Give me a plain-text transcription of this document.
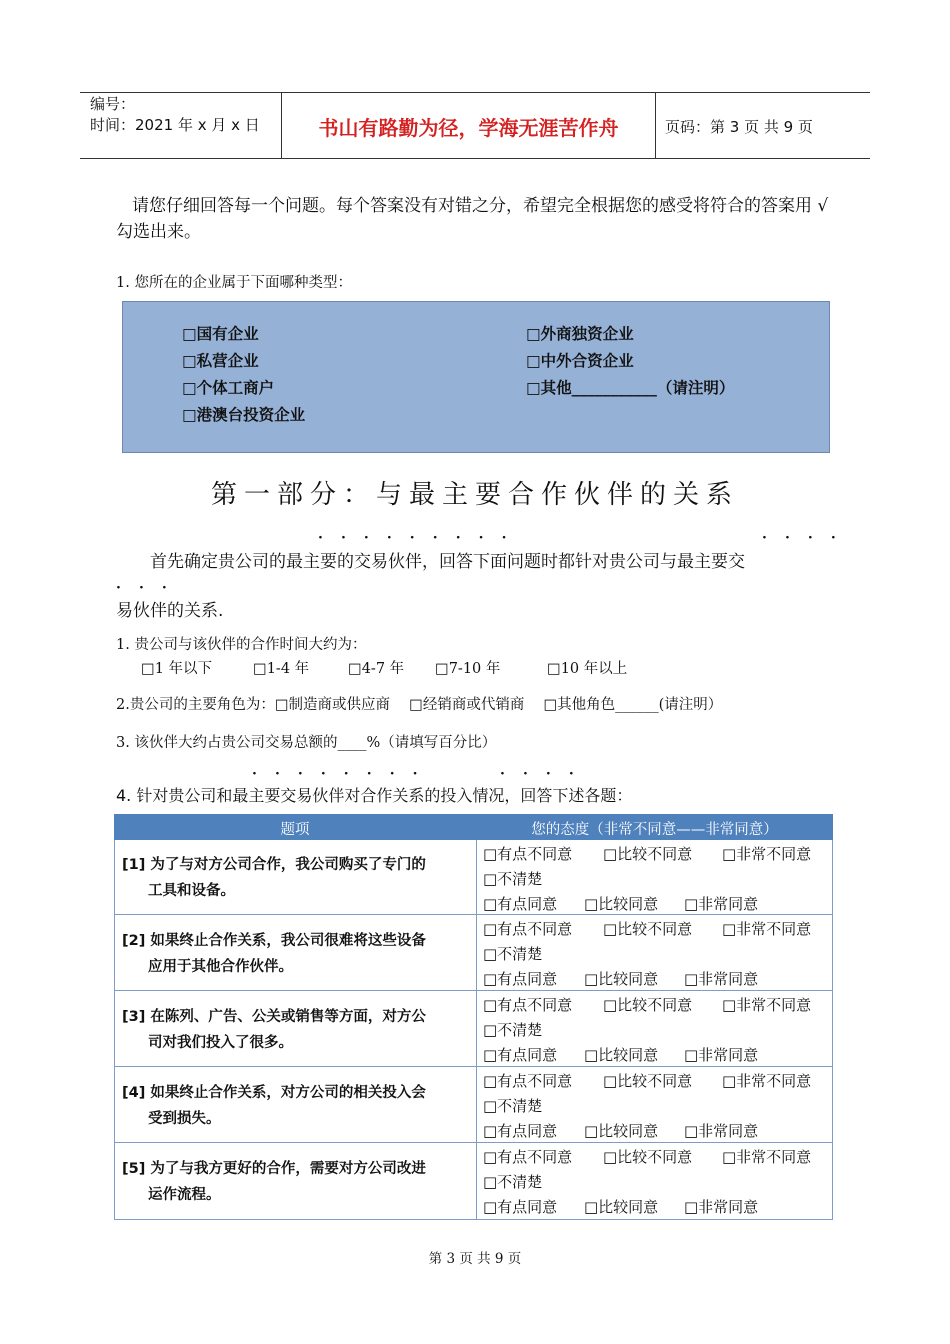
编号：
时间：2021 年 x 月 x 日	书山有路勤为径，学海无涯苦作舟	页码：第 3 页 共 9 页
请您仔细回答每一个问题。每个答案没有对错之分，希望完全根据您的感受将符合的答案用 √ 勾选出来。
1. 您所在的企业属于下面哪种类型：
□国有企业
□私营企业
□个体工商户
□港澳台投资企业
□外商独资企业
□中外合资企业
□其他___________（请注明）
第一部分：与最主要合作伙伴的关系
· · · · · · · · ·	· · · ·
首先确定贵公司的最主要的交易伙伴，回答下面问题时都针对贵公司与最主要交
· · ·
易伙伴的关系.
1. 贵公司与该伙伴的合作时间大约为：
□1 年以下	□1-4 年	□4-7 年 □7-10 年	□10 年以上
2.贵公司的主要角色为：□制造商或供应商　 □经销商或代销商　 □其他角色______(请注明）
3. 该伙伴大约占贵公司交易总额的____%（请填写百分比）
· · · · · · · ·	· · · ·
4. 针对贵公司和最主要交易伙伴对合作关系的投入情况，回答下述各题：
题项	您的态度（非常不同意——非常同意）
[1] 为了与对方公司合作，我公司购买了专门的
工具和设备。
□有点不同意 □比较不同意 □非常不同意
□不清楚
□有点同意 □比较同意 □非常同意
[2] 如果终止合作关系，我公司很难将这些设备
应用于其他合作伙伴。
□有点不同意 □比较不同意 □非常不同意
□不清楚
□有点同意 □比较同意 □非常同意
[3] 在陈列、广告、公关或销售等方面，对方公
司对我们投入了很多。
□有点不同意 □比较不同意 □非常不同意
□不清楚
□有点同意 □比较同意 □非常同意
[4] 如果终止合作关系，对方公司的相关投入会
受到损失。
□有点不同意 □比较不同意 □非常不同意
□不清楚
□有点同意 □比较同意 □非常同意
[5] 为了与我方更好的合作，需要对方公司改进
运作流程。
□有点不同意 □比较不同意 □非常不同意
□不清楚
□有点同意 □比较同意 □非常同意
第 3 页 共 9 页
